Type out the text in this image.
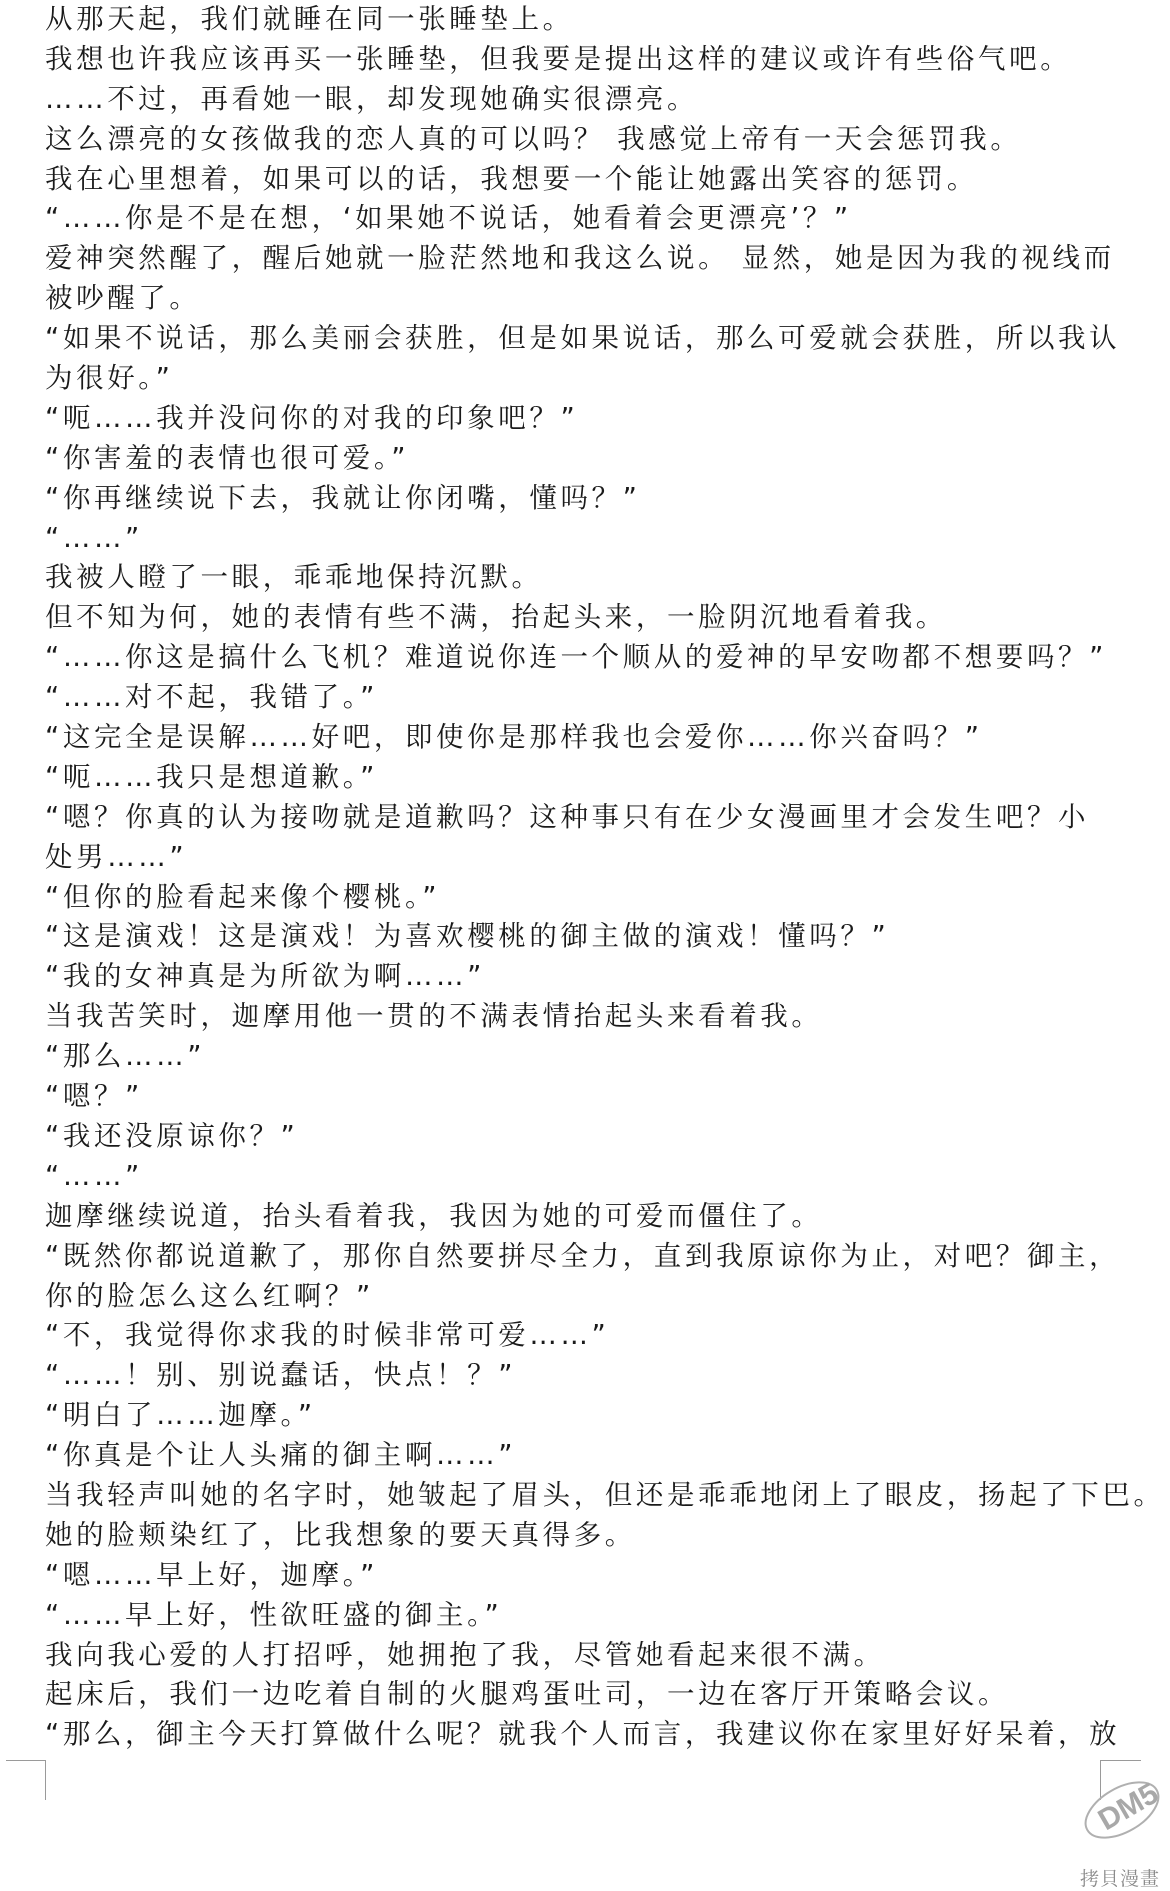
从那天起，我们就睡在同一张睡垫上。
我想也许我应该再买一张睡垫，但我要是提出这样的建议或许有些俗气吧。
……不过，再看她一眼，却发现她确实很漂亮。
这么漂亮的女孩做我的恋人真的可以吗？ 我感觉上帝有一天会惩罚我。
我在心里想着，如果可以的话，我想要一个能让她露出笑容的惩罚。
“……你是不是在想，‘如果她不说话，她看着会更漂亮’？”
爱神突然醒了，醒后她就一脸茫然地和我这么说。 显然，她是因为我的视线而
被吵醒了。
“如果不说话，那么美丽会获胜，但是如果说话，那么可爱就会获胜，所以我认
为很好。”
“呃……我并没问你的对我的印象吧？”
“你害羞的表情也很可爱。”
“你再继续说下去，我就让你闭嘴，懂吗？”
“……”
我被人瞪了一眼，乖乖地保持沉默。
但不知为何，她的表情有些不满，抬起头来，一脸阴沉地看着我。
“……你这是搞什么飞机？难道说你连一个顺从的爱神的早安吻都不想要吗？”
“……对不起，我错了。”
“这完全是误解……好吧，即使你是那样我也会爱你……你兴奋吗？”
“呃……我只是想道歉。”
“嗯？你真的认为接吻就是道歉吗？这种事只有在少女漫画里才会发生吧？小
处男……”
“但你的脸看起来像个樱桃。”
“这是演戏！这是演戏！为喜欢樱桃的御主做的演戏！懂吗？”
“我的女神真是为所欲为啊……”
当我苦笑时，迦摩用他一贯的不满表情抬起头来看着我。
“那么……”
“嗯？”
“我还没原谅你？”
“……”
迦摩继续说道，抬头看着我，我因为她的可爱而僵住了。
“既然你都说道歉了，那你自然要拼尽全力，直到我原谅你为止，对吧？御主，
你的脸怎么这么红啊？”
“不，我觉得你求我的时候非常可爱……”
“……！别、别说蠢话，快点！？”
“明白了……迦摩。”
“你真是个让人头痛的御主啊……”
当我轻声叫她的名字时，她皱起了眉头，但还是乖乖地闭上了眼皮，扬起了下巴。
她的脸颊染红了，比我想象的要天真得多。
“嗯……早上好，迦摩。”
“……早上好，性欲旺盛的御主。”
我向我心爱的人打招呼，她拥抱了我，尽管她看起来很不满。
起床后，我们一边吃着自制的火腿鸡蛋吐司，一边在客厅开策略会议。
“那么，御主今天打算做什么呢？就我个人而言，我建议你在家里好好呆着，放
DM5
拷貝漫畫
